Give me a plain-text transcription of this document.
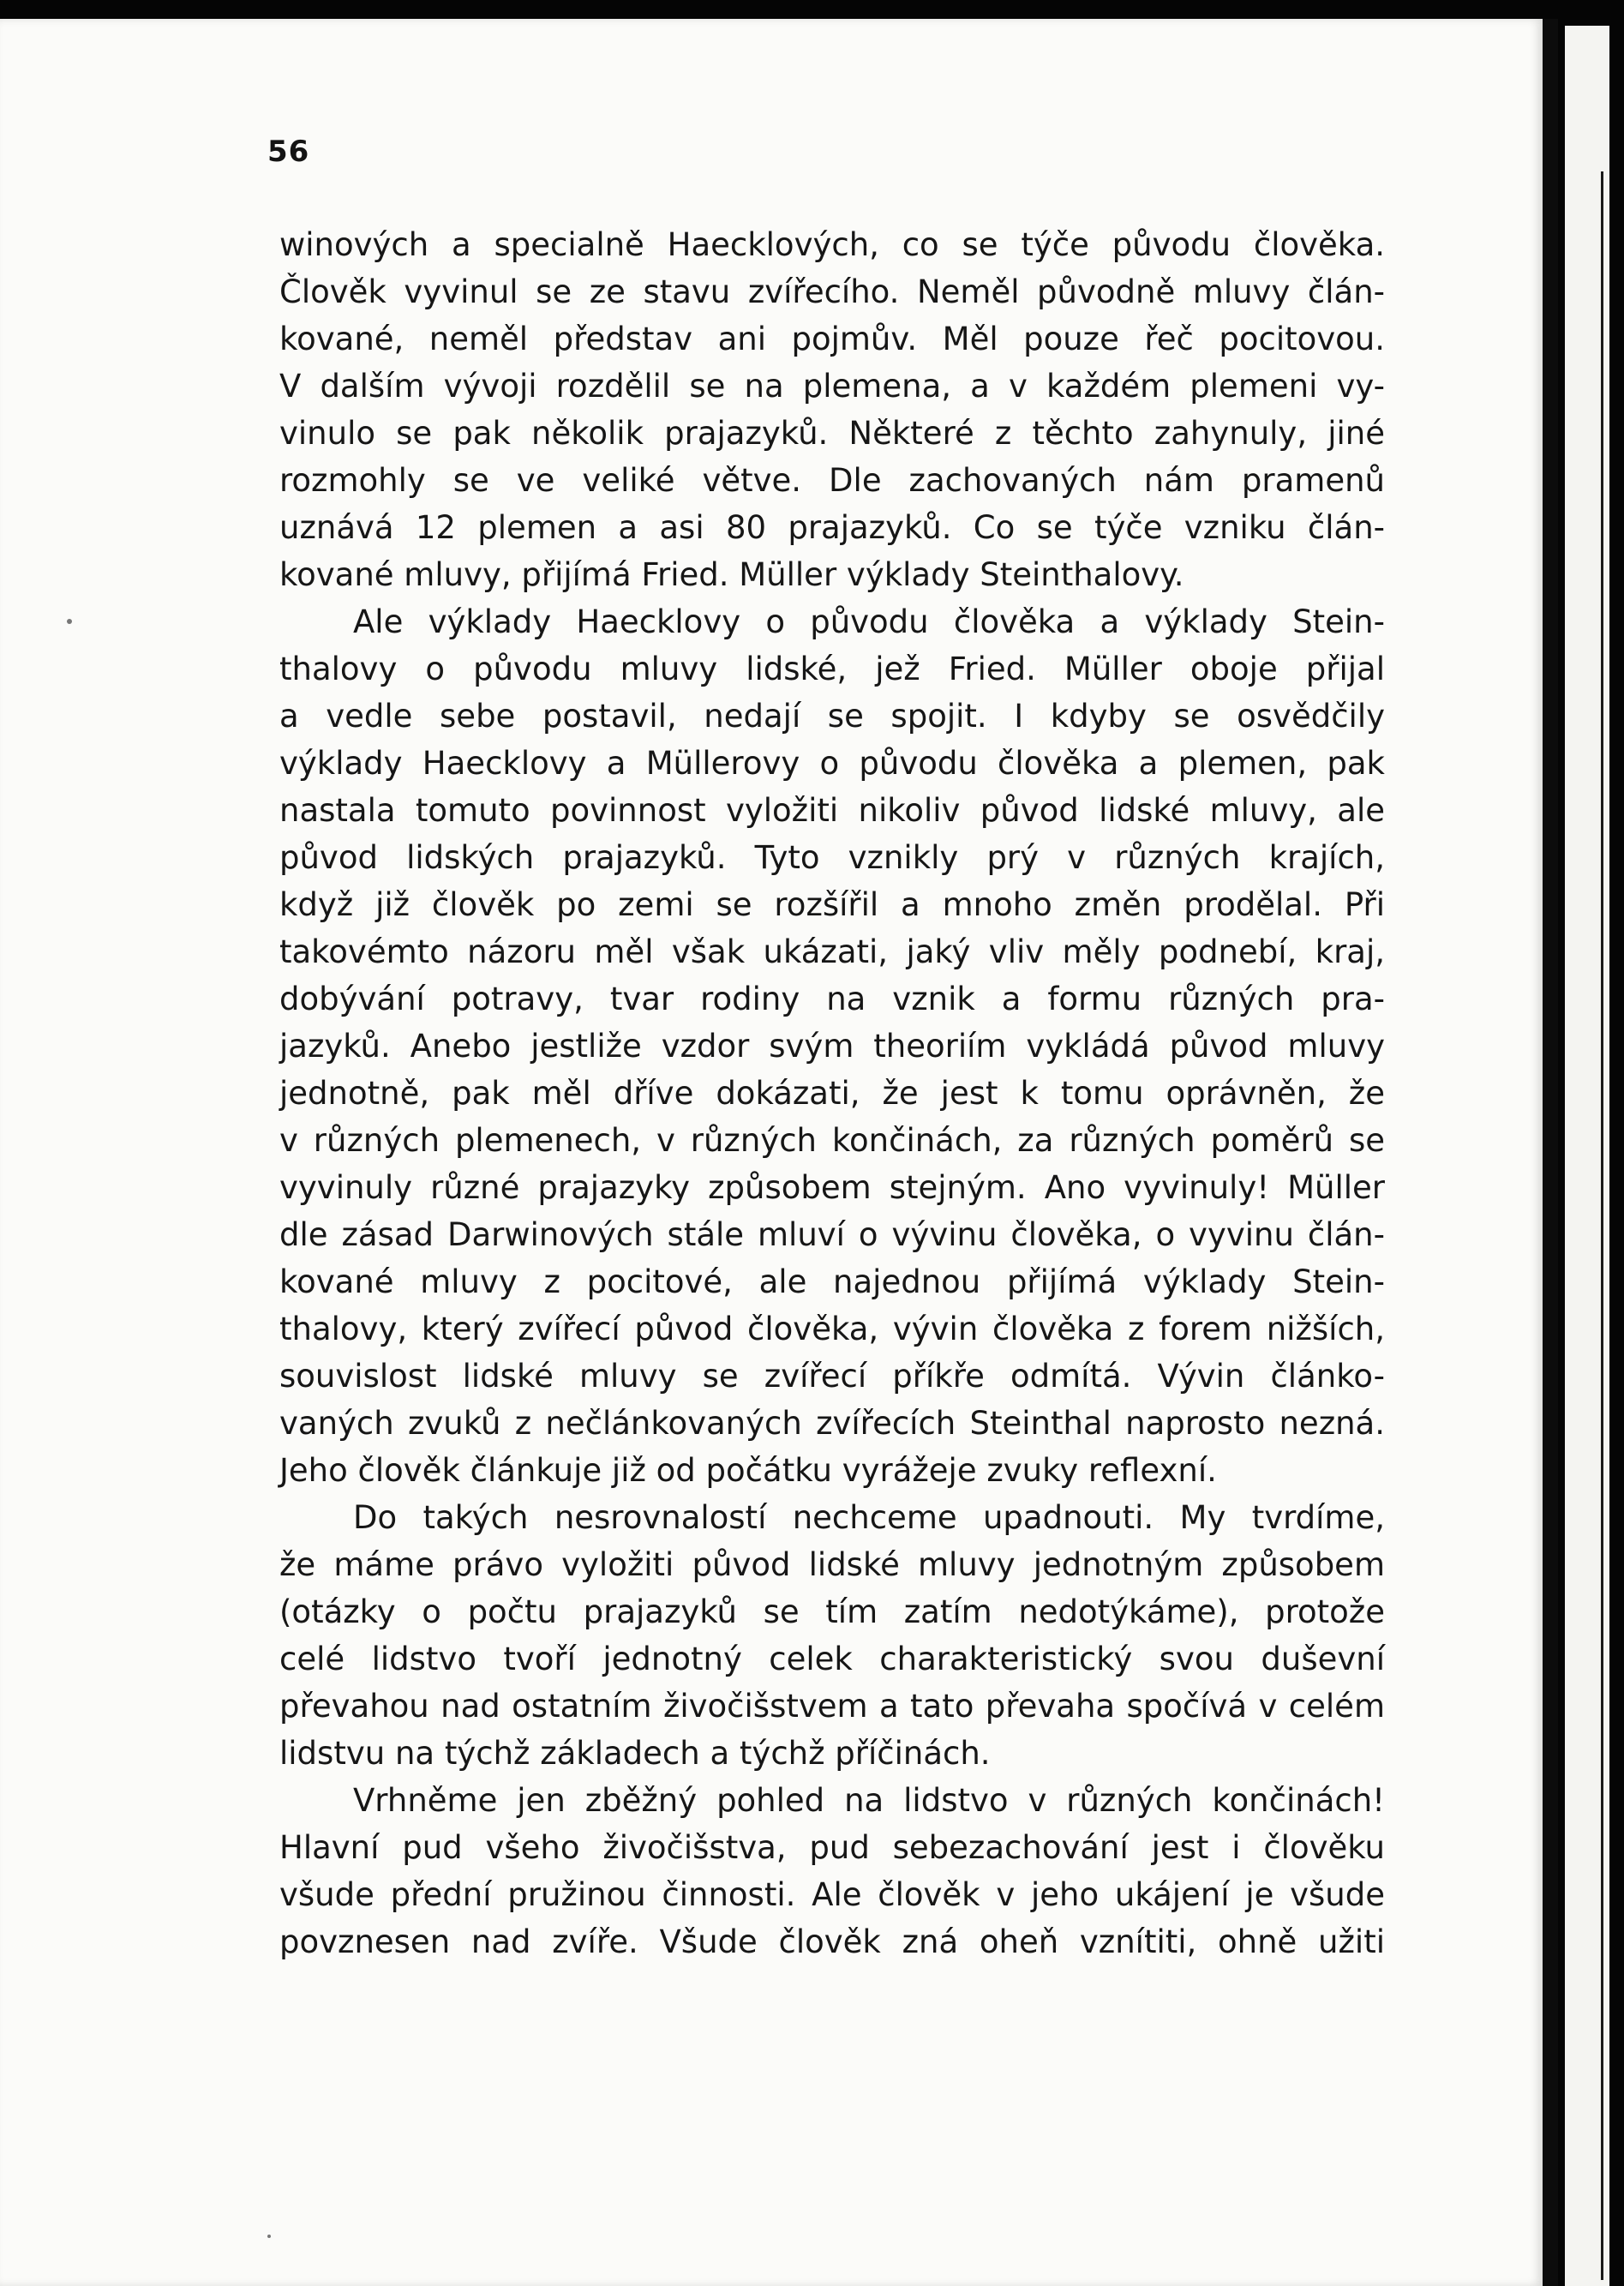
56
winových a specialně Haecklových, co se týče původu člověka.
Člověk vyvinul se ze stavu zvířecího. Neměl původně mluvy člán-
kované, neměl představ ani pojmův. Měl pouze řeč pocitovou.
V dalším vývoji rozdělil se na plemena, a v každém plemeni vy-
vinulo se pak několik prajazyků. Některé z těchto zahynuly, jiné
rozmohly se ve veliké větve. Dle zachovaných nám pramenů
uznává 12 plemen a asi 80 prajazyků. Co se týče vzniku člán-
kované mluvy, přijímá Fried. Müller výklady Steinthalovy.
Ale výklady Haecklovy o původu člověka a výklady Stein-
thalovy o původu mluvy lidské, jež Fried. Müller oboje přijal
a vedle sebe postavil, nedají se spojit. I kdyby se osvědčily
výklady Haecklovy a Müllerovy o původu člověka a plemen, pak
nastala tomuto povinnost vyložiti nikoliv původ lidské mluvy, ale
původ lidských prajazyků. Tyto vznikly prý v různých krajích,
když již člověk po zemi se rozšířil a mnoho změn prodělal. Při
takovémto názoru měl však ukázati, jaký vliv měly podnebí, kraj,
dobývání potravy, tvar rodiny na vznik a formu různých pra-
jazyků. Anebo jestliže vzdor svým theoriím vykládá původ mluvy
jednotně, pak měl dříve dokázati, že jest k tomu oprávněn, že
v různých plemenech, v různých končinách, za různých poměrů se
vyvinuly různé prajazyky způsobem stejným. Ano vyvinuly! Müller
dle zásad Darwinových stále mluví o vývinu člověka, o vyvinu člán-
kované mluvy z pocitové, ale najednou přijímá výklady Stein-
thalovy, který zvířecí původ člověka, vývin člověka z forem nižších,
souvislost lidské mluvy se zvířecí příkře odmítá. Vývin článko-
vaných zvuků z nečlánkovaných zvířecích Steinthal naprosto nezná.
Jeho člověk článkuje již od počátku vyrážeje zvuky reflexní.
Do takých nesrovnalostí nechceme upadnouti. My tvrdíme,
že máme právo vyložiti původ lidské mluvy jednotným způsobem
(otázky o počtu prajazyků se tím zatím nedotýkáme), protože
celé lidstvo tvoří jednotný celek charakteristický svou duševní
převahou nad ostatním živočišstvem a tato převaha spočívá v celém
lidstvu na týchž základech a týchž příčinách.
Vrhněme jen zběžný pohled na lidstvo v různých končinách!
Hlavní pud všeho živočišstva, pud sebezachování jest i člověku
všude přední pružinou činnosti. Ale člověk v jeho ukájení je všude
povznesen nad zvíře. Všude člověk zná oheň vznítiti, ohně užiti
